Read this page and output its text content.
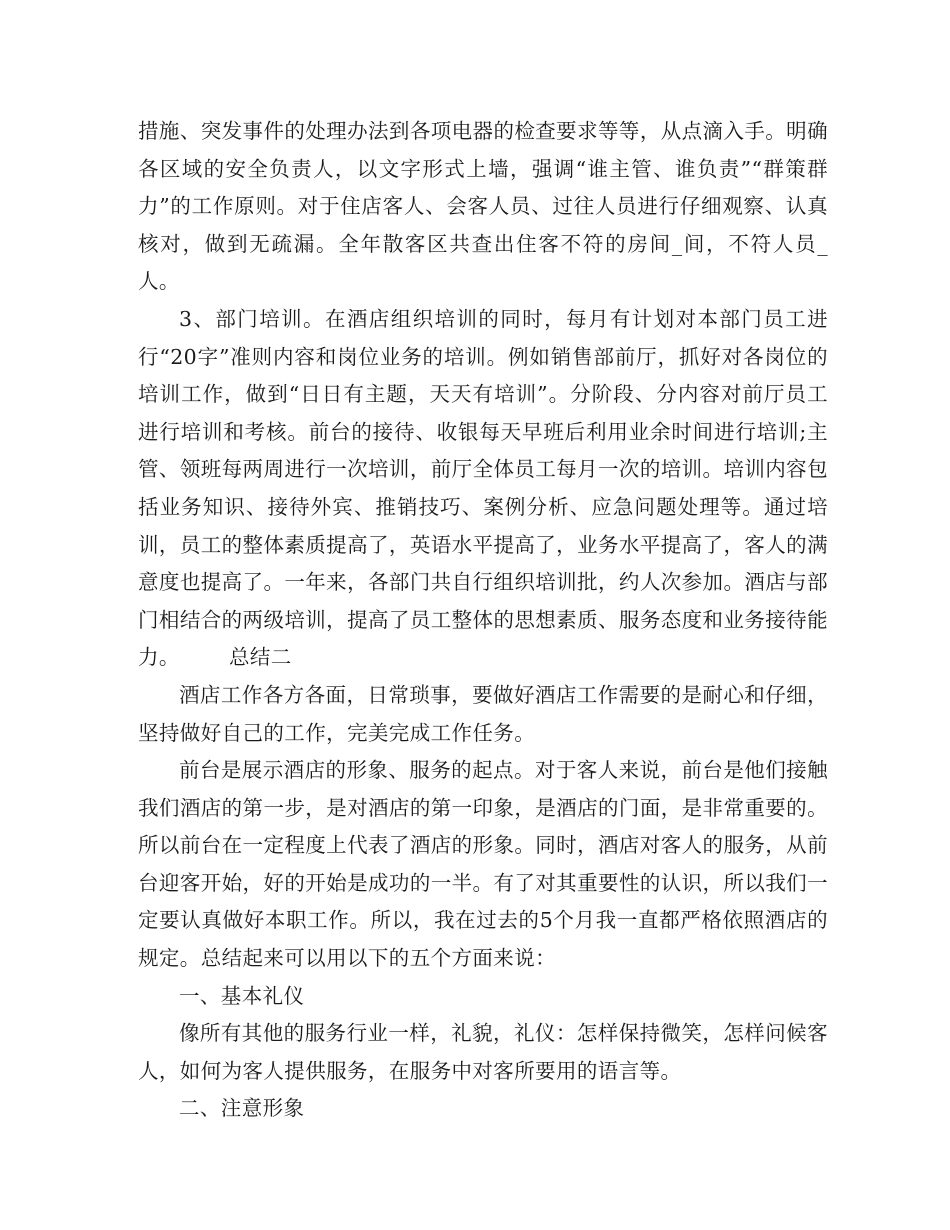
措施、突发事件的处理办法到各项电器的检查要求等等，从点滴入手。明确各区域的安全负责人，以文字形式上墙，强调“谁主管、谁负责”“群策群力”的工作原则。对于住店客人、会客人员、过往人员进行仔细观察、认真核对，做到无疏漏。全年散客区共查出住客不符的房间_间，不符人员_人。

3、部门培训。在酒店组织培训的同时，每月有计划对本部门员工进行“20字”准则内容和岗位业务的培训。例如销售部前厅，抓好对各岗位的培训工作，做到“日日有主题，天天有培训”。分阶段、分内容对前厅员工进行培训和考核。前台的接待、收银每天早班后利用业余时间进行培训;主管、领班每两周进行一次培训，前厅全体员工每月一次的培训。培训内容包括业务知识、接待外宾、推销技巧、案例分析、应急问题处理等。通过培训，员工的整体素质提高了，英语水平提高了，业务水平提高了，客人的满意度也提高了。一年来，各部门共自行组织培训批，约人次参加。酒店与部门相结合的两级培训，提高了员工整体的思想素质、服务态度和业务接待能力。 总结二

酒店工作各方各面，日常琐事，要做好酒店工作需要的是耐心和仔细，坚持做好自己的工作，完美完成工作任务。

前台是展示酒店的形象、服务的起点。对于客人来说，前台是他们接触我们酒店的第一步，是对酒店的第一印象，是酒店的门面，是非常重要的。所以前台在一定程度上代表了酒店的形象。同时，酒店对客人的服务，从前台迎客开始，好的开始是成功的一半。有了对其重要性的认识，所以我们一定要认真做好本职工作。所以，我在过去的5个月我一直都严格依照酒店的规定。总结起来可以用以下的五个方面来说：

一、基本礼仪

像所有其他的服务行业一样，礼貌，礼仪：怎样保持微笑，怎样问候客人，如何为客人提供服务，在服务中对客所要用的语言等。

二、注意形象
